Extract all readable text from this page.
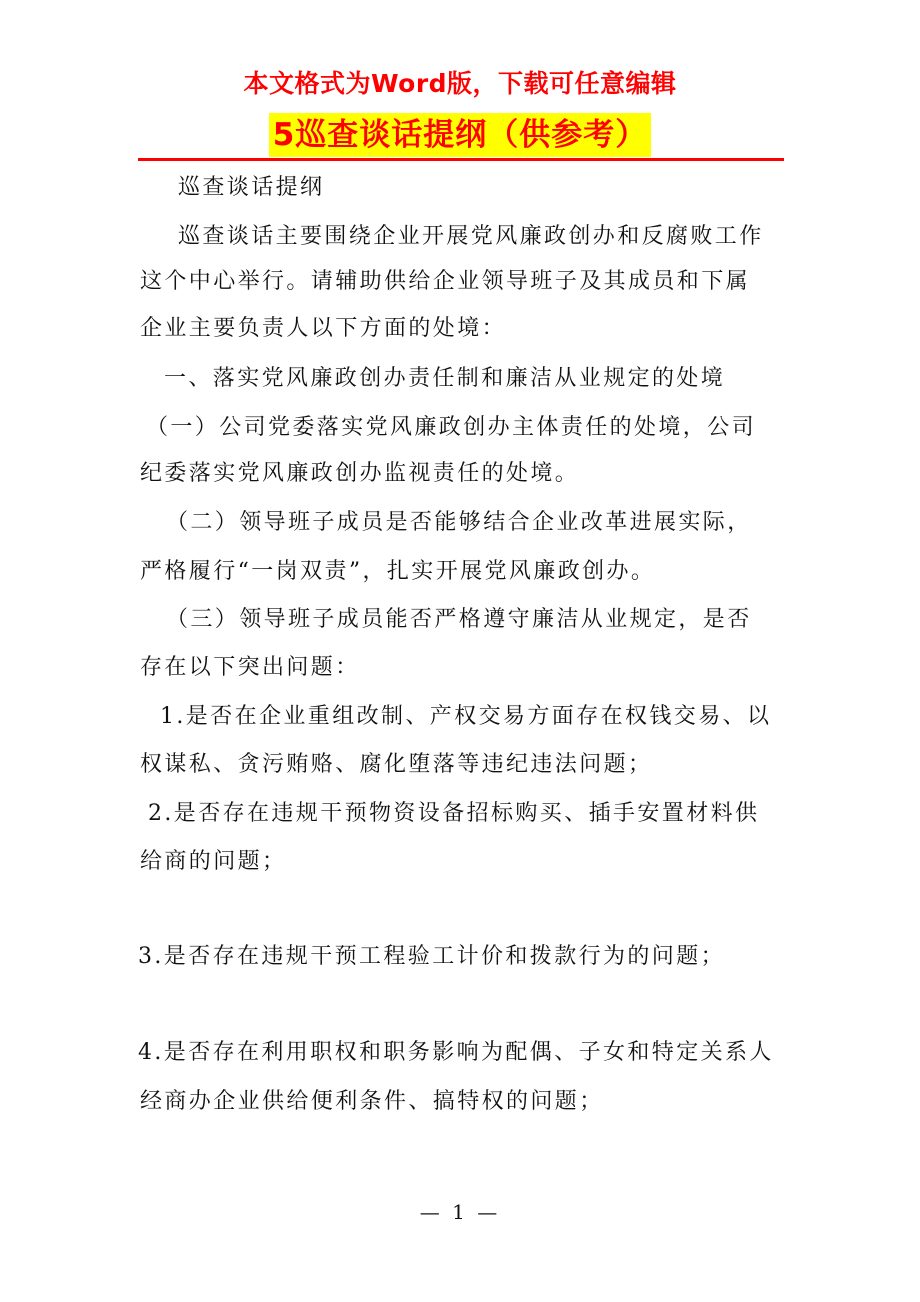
本文格式为Word版，下载可任意编辑
5巡查谈话提纲（供参考）

巡查谈话提纲

巡查谈话主要围绕企业开展党风廉政创办和反腐败工作

这个中心举行。请辅助供给企业领导班子及其成员和下属

企业主要负责人以下方面的处境：

一、落实党风廉政创办责任制和廉洁从业规定的处境

（一）公司党委落实党风廉政创办主体责任的处境，公司

纪委落实党风廉政创办监视责任的处境。

（二）领导班子成员是否能够结合企业改革进展实际，

严格履行“一岗双责”，扎实开展党风廉政创办。

（三）领导班子成员能否严格遵守廉洁从业规定，是否

存在以下突出问题：

1.是否在企业重组改制、产权交易方面存在权钱交易、以

权谋私、贪污贿赂、腐化堕落等违纪违法问题；

2.是否存在违规干预物资设备招标购买、插手安置材料供

给商的问题；

3.是否存在违规干预工程验工计价和拨款行为的问题；

4.是否存在利用职权和职务影响为配偶、子女和特定关系人

经商办企业供给便利条件、搞特权的问题；

— 1 —
